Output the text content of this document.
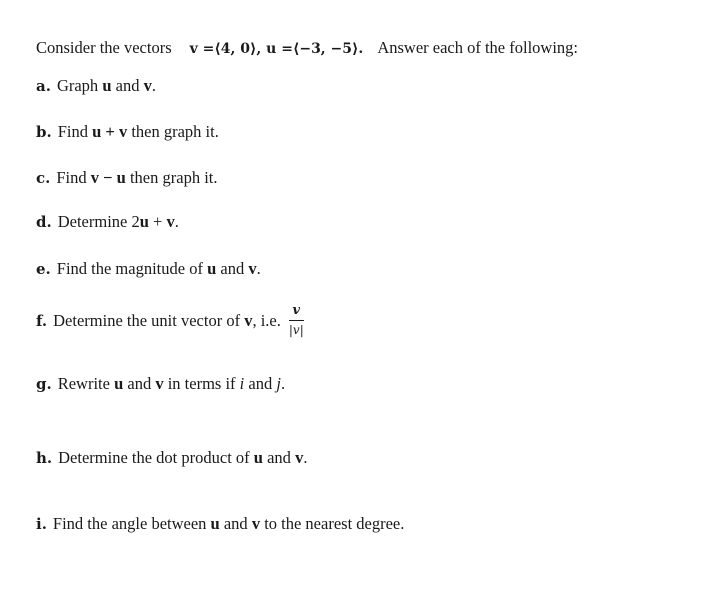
Consider the vectors v =⟨4, 0⟩, u =⟨−3, −5⟩. Answer each of the following:
a. Graph u and v.
b. Find u + v then graph it.
c. Find v − u then graph it.
d. Determine 2u + v.
e. Find the magnitude of u and v.
f. Determine the unit vector of v, i.e. $\frac{v}{|v|}$
g. Rewrite u and v in terms if i and j.
h. Determine the dot product of u and v.
i. Find the angle between u and v to the nearest degree.
